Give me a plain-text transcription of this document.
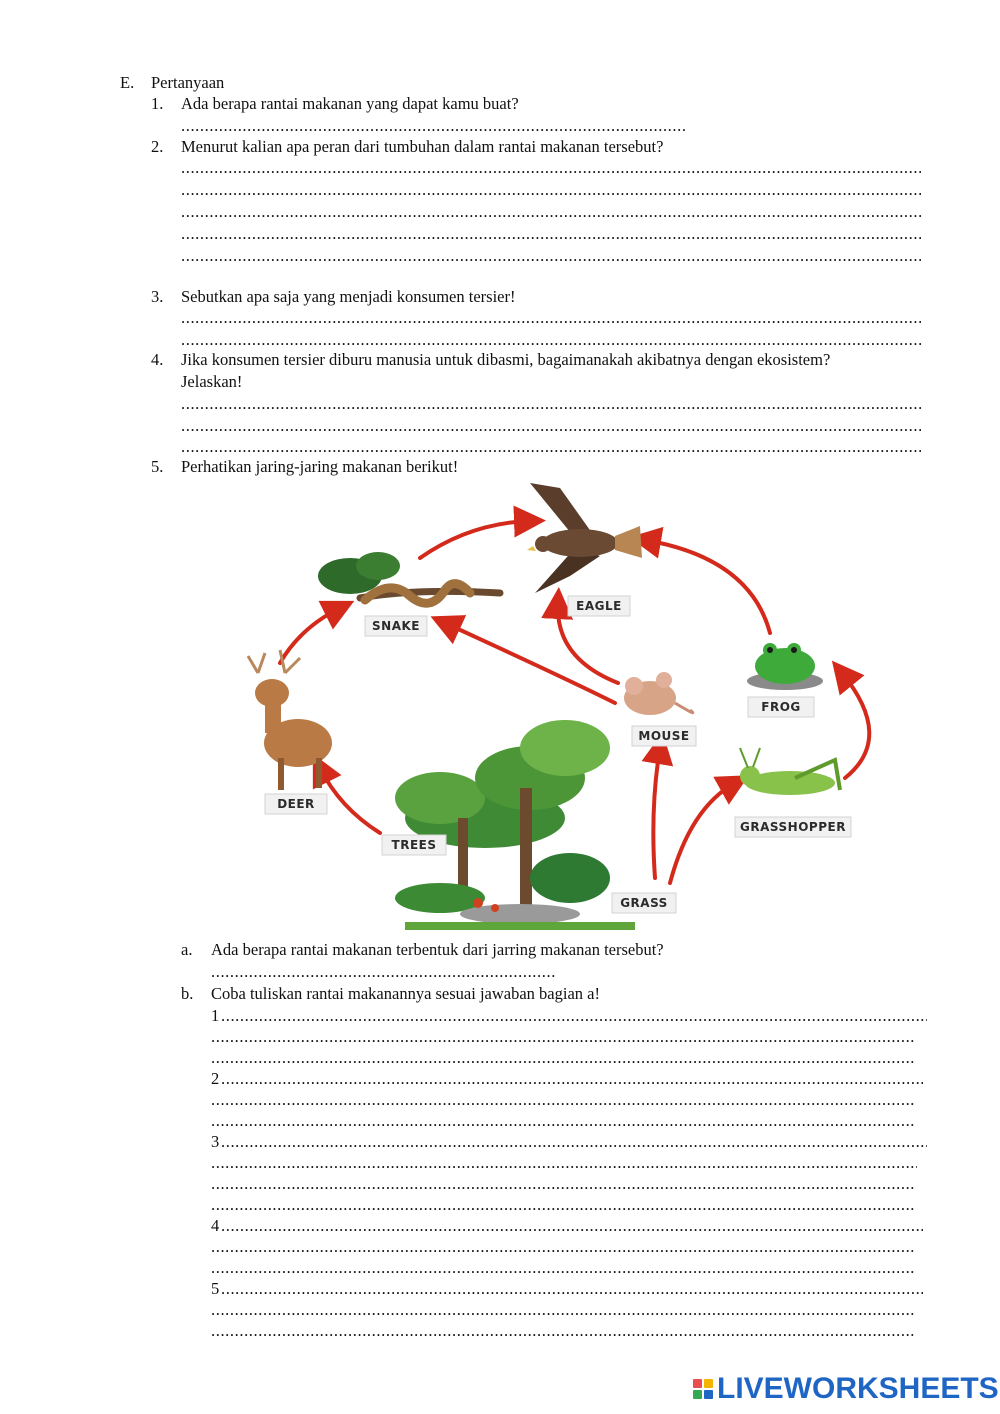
E. Pertanyaan
1. Ada berapa rantai makanan yang dapat kamu buat?
.....
2. Menurut kalian apa peran dari tumbuhan dalam rantai makanan tersebut?
.....
.....
.....
.....
.....
3. Sebutkan apa saja yang menjadi konsumen tersier!
.....
.....
4. Jika konsumen tersier diburu manusia untuk dibasmi, bagaimanakah akibatnya dengan ekosistem?
Jelaskan!
.....
.....
.....
5. Perhatikan jaring-jaring makanan berikut!
EAGLE
SNAKE
DEER
TREES
MOUSE
FROG
GRASSHOPPER
GRASS
a. Ada berapa rantai makanan terbentuk dari jarring makanan tersebut?
.....
b. Coba tuliskan rantai makanannya sesuai jawaban bagian a!
1
.....
.....
.....
2
.....
.....
.....
3
.....
.....
.....
.....
4
.....
.....
.....
5
.....
.....
.....
LIVEWORKSHEETS
